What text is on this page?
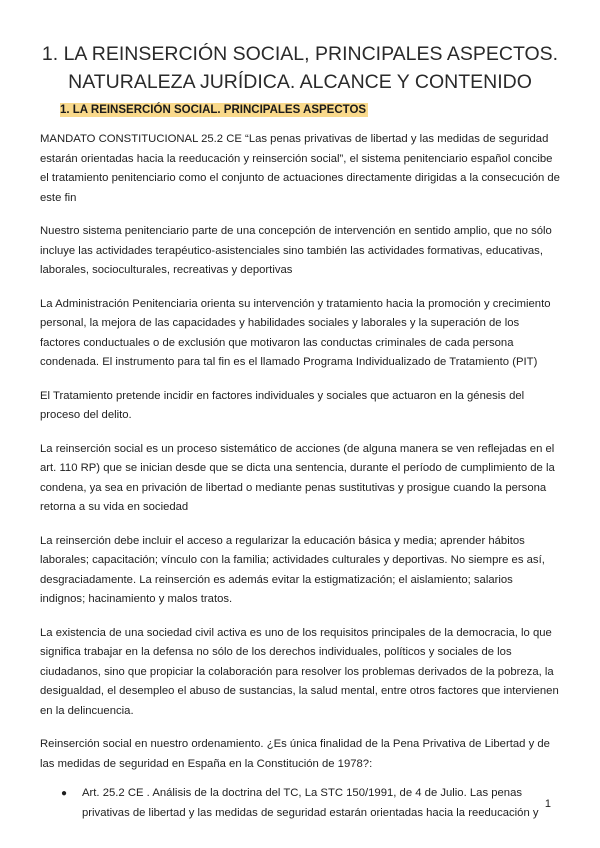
1. LA REINSERCIÓN SOCIAL, PRINCIPALES ASPECTOS.
NATURALEZA JURÍDICA. ALCANCE Y CONTENIDO
1. LA REINSERCIÓN SOCIAL. PRINCIPALES ASPECTOS

MANDATO CONSTITUCIONAL 25.2 CE “Las penas privativas de libertad y las medidas de seguridad estarán orientadas hacia la reeducación y reinserción social”, el sistema penitenciario español concibe el tratamiento penitenciario como el conjunto de actuaciones directamente dirigidas a la consecución de este fin

Nuestro sistema penitenciario parte de una concepción de intervención en sentido amplio, que no sólo incluye las actividades terapéutico-asistenciales sino también las actividades formativas, educativas, laborales, socioculturales, recreativas y deportivas

La Administración Penitenciaria orienta su intervención y tratamiento hacia la promoción y crecimiento personal, la mejora de las capacidades y habilidades sociales y laborales y la superación de los factores conductuales o de exclusión que motivaron las conductas criminales de cada persona condenada. El instrumento para tal fin es el llamado Programa Individualizado de Tratamiento (PIT)

El Tratamiento pretende incidir en factores individuales y sociales que actuaron en la génesis del proceso del delito.

La reinserción social es un proceso sistemático de acciones (de alguna manera se ven reflejadas en el art. 110 RP) que se inician desde que se dicta una sentencia, durante el período de cumplimiento de la condena, ya sea en privación de libertad o mediante penas sustitutivas y prosigue cuando la persona retorna a su vida en sociedad

La reinserción debe incluir el acceso a regularizar la educación básica y media; aprender hábitos laborales; capacitación; vínculo con la familia; actividades culturales y deportivas. No siempre es así, desgraciadamente. La reinserción es además evitar la estigmatización; el aislamiento; salarios indignos; hacinamiento y malos tratos.

La existencia de una sociedad civil activa es uno de los requisitos principales de la democracia, lo que significa trabajar en la defensa no sólo de los derechos individuales, políticos y sociales de los ciudadanos, sino que propiciar la colaboración para resolver los problemas derivados de la pobreza, la desigualdad, el desempleo el abuso de sustancias, la salud mental, entre otros factores que intervienen en la delincuencia.

Reinserción social en nuestro ordenamiento. ¿Es única finalidad de la Pena Privativa de Libertad y de las medidas de seguridad en España en la Constitución de 1978?:

● Art. 25.2 CE . Análisis de la doctrina del TC, La STC 150/1991, de 4 de Julio. Las penas privativas de libertad y las medidas de seguridad estarán orientadas hacia la reeducación y
1
